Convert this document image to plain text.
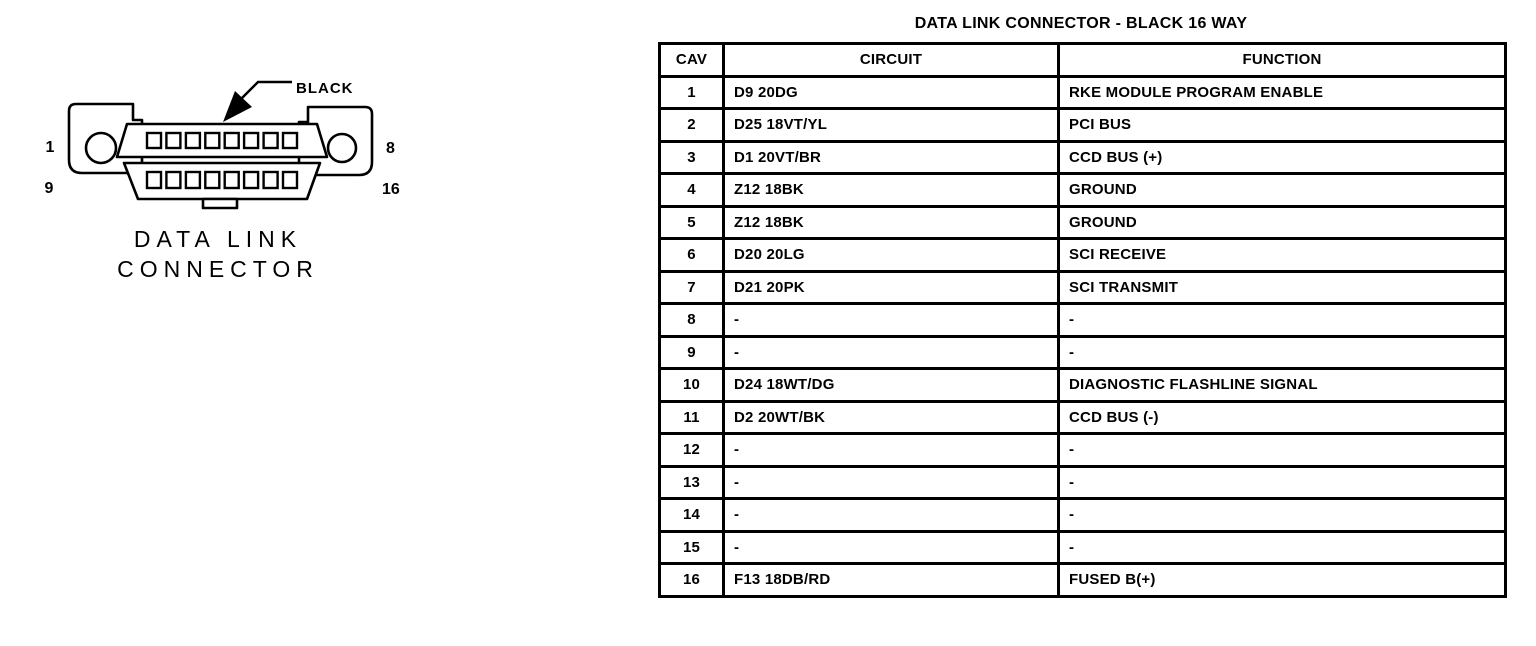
BLACK
1	8
9	16
DATA LINK
CONNECTOR
DATA LINK CONNECTOR - BLACK 16 WAY
CAV	CIRCUIT	FUNCTION
1	D9 20DG	RKE MODULE PROGRAM ENABLE
2	D25 18VT/YL	PCI BUS
3	D1 20VT/BR	CCD BUS (+)
4	Z12 18BK	GROUND
5	Z12 18BK	GROUND
6	D20 20LG	SCI RECEIVE
7	D21 20PK	SCI TRANSMIT
8	-	-
9	-	-
10	D24 18WT/DG	DIAGNOSTIC FLASHLINE SIGNAL
11	D2 20WT/BK	CCD BUS (-)
12	-	-
13	-	-
14	-	-
15	-	-
16	F13 18DB/RD	FUSED B(+)
